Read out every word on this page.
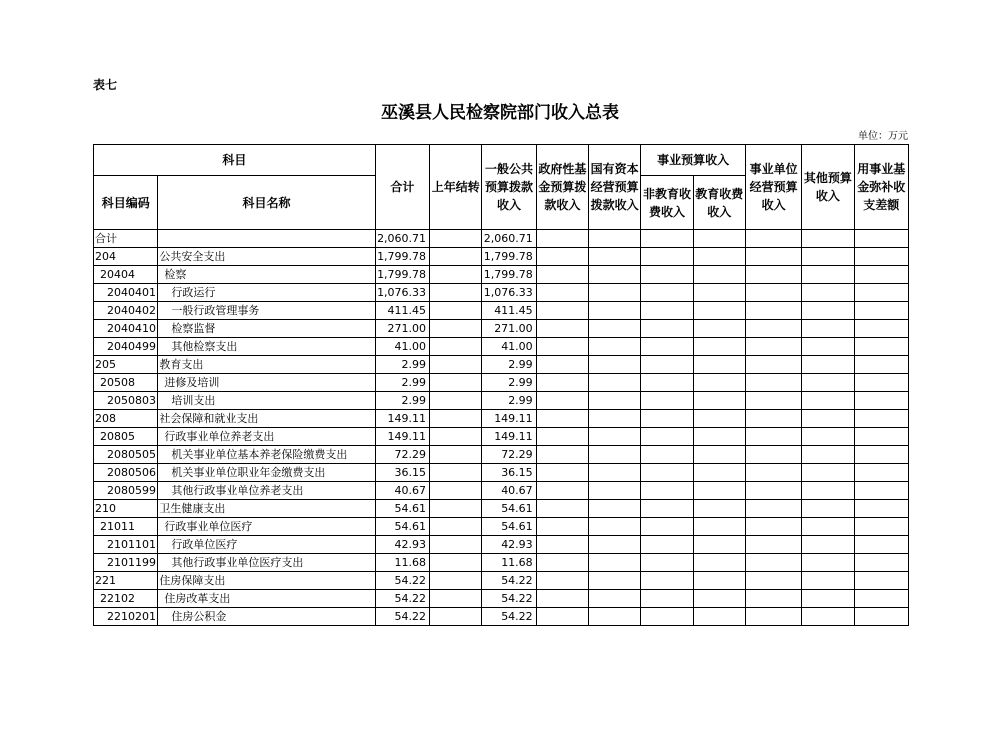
表七
巫溪县人民检察院部门收入总表
单位：万元
科目		合计	上年结转	一般公共预算拨款收入	政府性基金预算拨款收入	国有资本经营预算拨款收入	事业预算收入		事业单位经营预算收入	其他预算收入	用事业基金弥补收支差额
科目编码	科目名称						非教育收费收入	教育收费收入			
合计		2,060.71		2,060.71							
204	公共安全支出	1,799.78		1,799.78							
20404	检察	1,799.78		1,799.78							
2040401	行政运行	1,076.33		1,076.33							
2040402	一般行政管理事务	411.45		411.45							
2040410	检察监督	271.00		271.00							
2040499	其他检察支出	41.00		41.00							
205	教育支出	2.99		2.99							
20508	进修及培训	2.99		2.99							
2050803	培训支出	2.99		2.99							
208	社会保障和就业支出	149.11		149.11							
20805	行政事业单位养老支出	149.11		149.11							
2080505	机关事业单位基本养老保险缴费支出	72.29		72.29							
2080506	机关事业单位职业年金缴费支出	36.15		36.15							
2080599	其他行政事业单位养老支出	40.67		40.67							
210	卫生健康支出	54.61		54.61							
21011	行政事业单位医疗	54.61		54.61							
2101101	行政单位医疗	42.93		42.93							
2101199	其他行政事业单位医疗支出	11.68		11.68							
221	住房保障支出	54.22		54.22							
22102	住房改革支出	54.22		54.22							
2210201	住房公积金	54.22		54.22							
